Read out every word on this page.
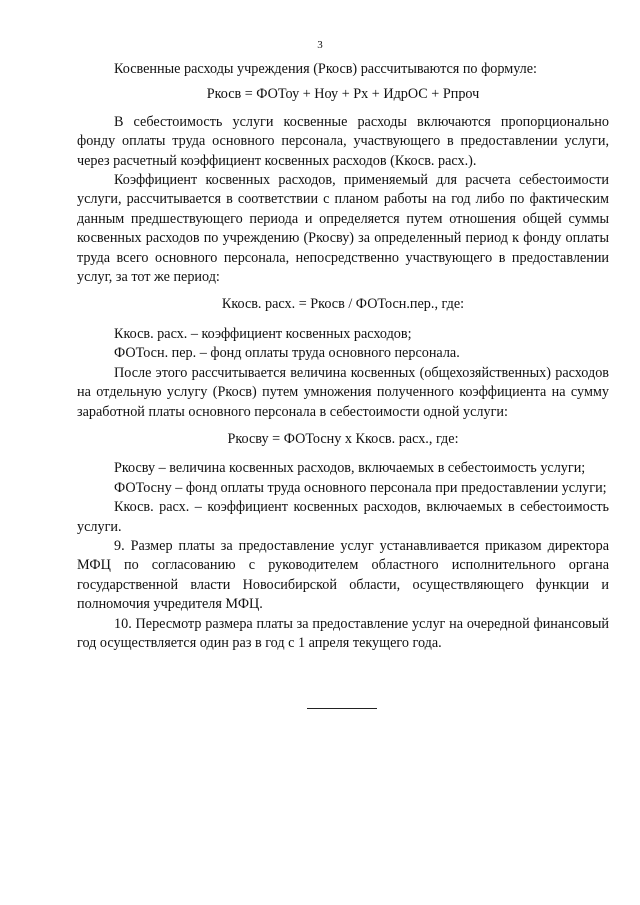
3

Косвенные расходы учреждения (Ркосв) рассчитываются по формуле:

Ркосв = ФОТоу + Ноу + Рх + ИдрОС + Рпроч

В себестоимость услуги косвенные расходы включаются пропорционально фонду оплаты труда основного персонала, участвующего в предоставлении услуги, через расчетный коэффициент косвенных расходов (Ккосв. расх.).

Коэффициент косвенных расходов, применяемый для расчета себестоимости услуги, рассчитывается в соответствии с планом работы на год либо по фактическим данным предшествующего периода и определяется путем отношения общей суммы косвенных расходов по учреждению (Ркосву) за определенный период к фонду оплаты труда всего основного персонала, непосредственно участвующего в предоставлении услуг, за тот же период:

Ккосв. расх. = Ркосв / ФОТосн.пер., где:

Ккосв. расх. – коэффициент косвенных расходов;

ФОТосн. пер. – фонд оплаты труда основного персонала.

После этого рассчитывается величина косвенных (общехозяйственных) расходов на отдельную услугу (Ркосв) путем умножения полученного коэффициента на сумму заработной платы основного персонала в себестоимости одной услуги:

Ркосву = ФОТосну х Ккосв. расх., где:

Ркосву – величина косвенных расходов, включаемых в себестоимость услуги;

ФОТосну – фонд оплаты труда основного персонала при предоставлении услуги;

Ккосв. расх. – коэффициент косвенных расходов, включаемых в себестоимость услуги.

9. Размер платы за предоставление услуг устанавливается приказом директора МФЦ по согласованию с руководителем областного исполнительного органа государственной власти Новосибирской области, осуществляющего функции и полномочия учредителя МФЦ.

10. Пересмотр размера платы за предоставление услуг на очередной финансовый год осуществляется один раз в год с 1 апреля текущего года.
